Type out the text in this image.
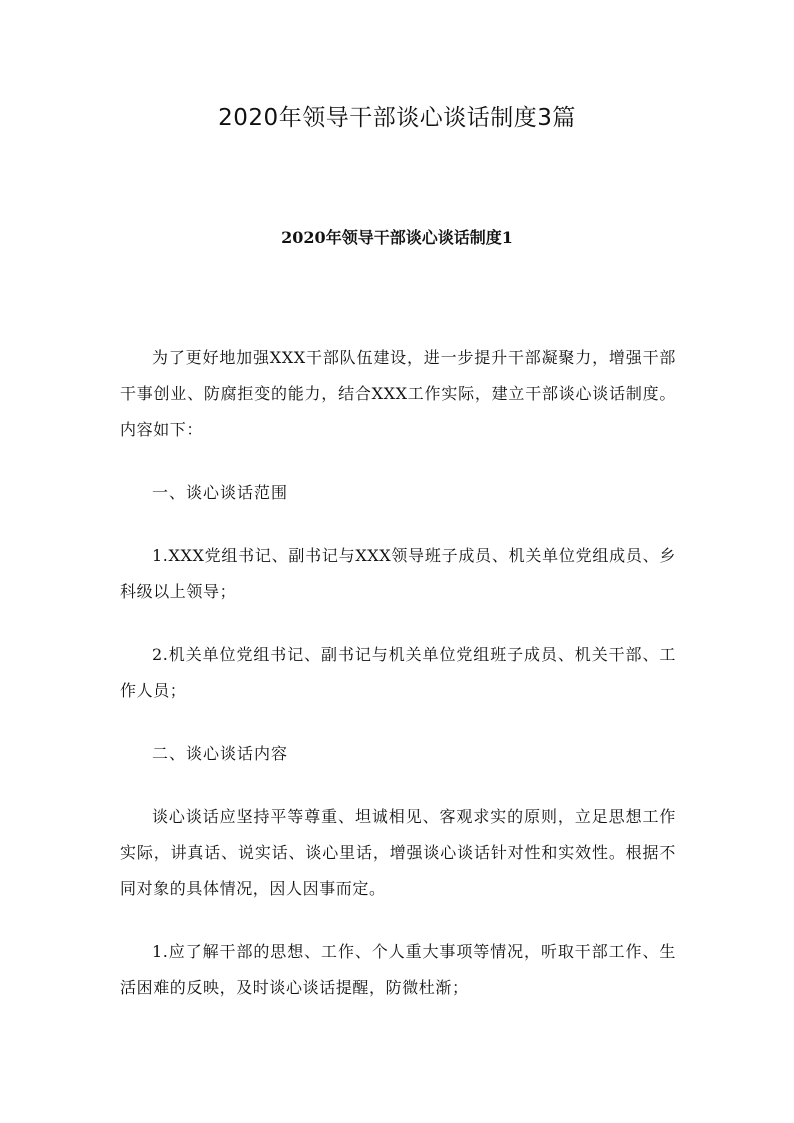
2020年领导干部谈心谈话制度3篇
2020年领导干部谈心谈话制度1

为了更好地加强XXX干部队伍建设，进一步提升干部凝聚力，增强干部干事创业、防腐拒变的能力，结合XXX工作实际，建立干部谈心谈话制度。内容如下：

一、谈心谈话范围

1.XXX党组书记、副书记与XXX领导班子成员、机关单位党组成员、乡科级以上领导；

2.机关单位党组书记、副书记与机关单位党组班子成员、机关干部、工作人员；

二、谈心谈话内容

谈心谈话应坚持平等尊重、坦诚相见、客观求实的原则，立足思想工作实际，讲真话、说实话、谈心里话，增强谈心谈话针对性和实效性。根据不同对象的具体情况，因人因事而定。

1.应了解干部的思想、工作、个人重大事项等情况，听取干部工作、生活困难的反映，及时谈心谈话提醒，防微杜渐；
